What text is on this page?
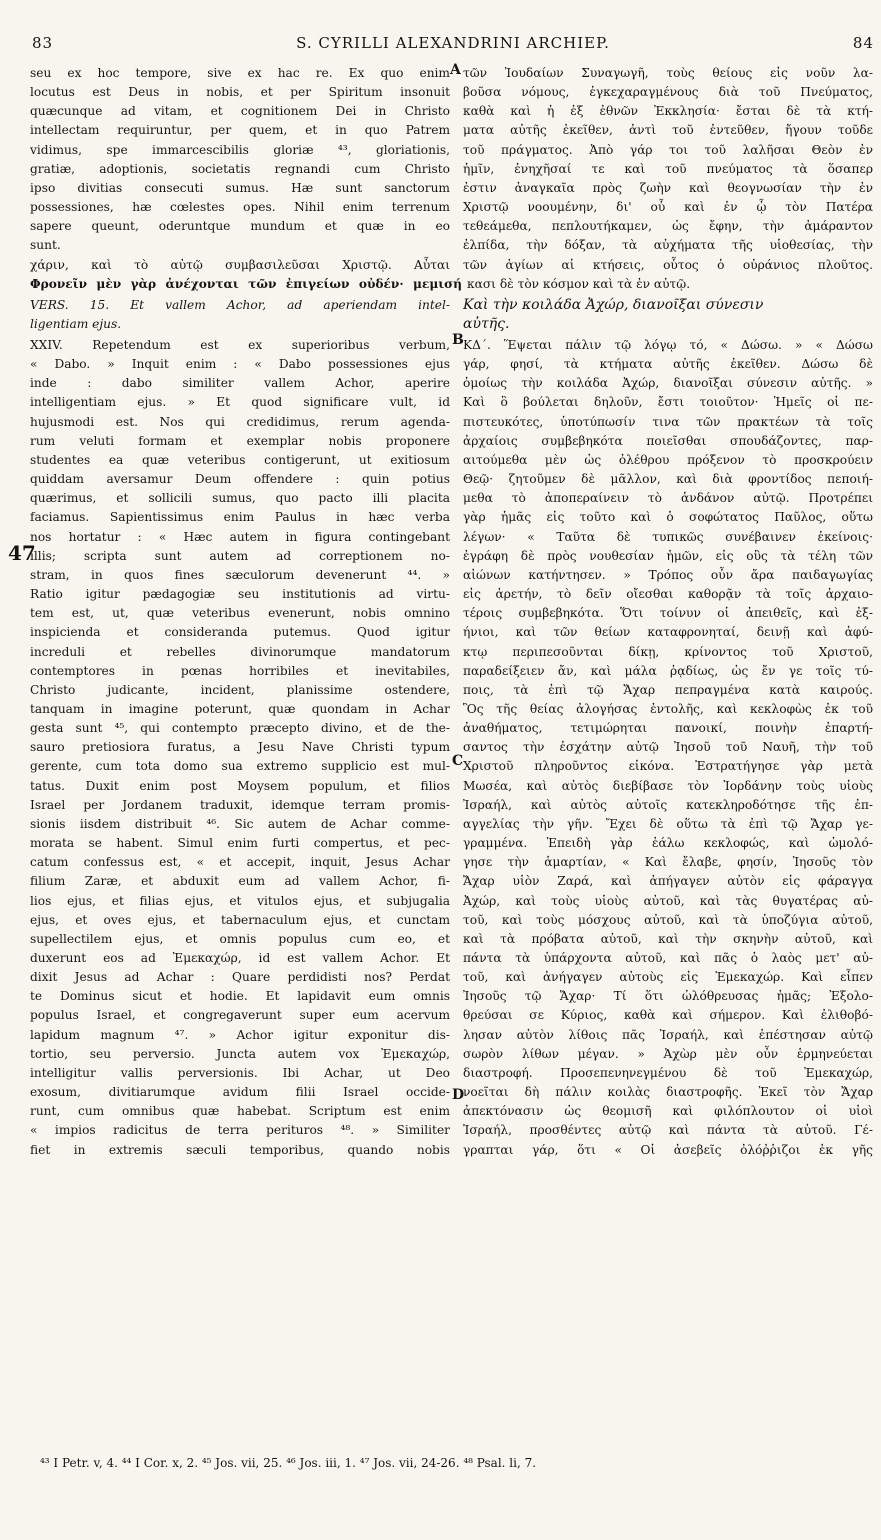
83	S. CYRILLI ALEXANDRINI ARCHIEP.	84
seu ex hoc tempore, sive ex hac re. Ex quo enim
locutus est Deus in nobis, et per Spiritum insonuit
quæcunque ad vitam, et cognitionem Dei in Christo
intellectam requiruntur, per quem, et in quo Patrem
vidimus, spe immarcescibilis gloriæ ⁴³, gloriationis,
gratiæ, adoptionis, societatis regnandi cum Christo
ipso divitias consecuti sumus. Hæ sunt sanctorum
possessiones, hæ cœlestes opes. Nihil enim terrenum
sapere queunt, oderuntque mundum et quæ in eo
sunt.
τῶν Ἰουδαίων Συναγωγῆ, τοὺς θείους εἰς νοῦν λα-
βοῦσα νόμους, ἐγκεχαραγμένους διὰ τοῦ Πνεύματος,
καθὰ καὶ ἡ ἐξ ἐθνῶν Ἐκκλησία· ἔσται δὲ τὰ κτή-
ματα αὐτῆς ἐκεῖθεν, ἀντὶ τοῦ ἐντεῦθεν, ἤγουν τοῦδε
τοῦ πράγματος. Ἀπὸ γάρ τοι τοῦ λαλῆσαι Θεὸν ἐν
ἡμῖν, ἐνηχῆσαί τε καὶ τοῦ πνεύματος τὰ ὅσαπερ
ἐστιν ἀναγκαῖα πρὸς ζωὴν καὶ θεογνωσίαν τὴν ἐν
Χριστῷ νοουμένην, δι' οὗ καὶ ἐν ᾧ τὸν Πατέρα
τεθεάμεθα, πεπλουτήκαμεν, ὡς ἔφην, τὴν ἀμάραντον
ἐλπίδα, τὴν δόξαν, τὰ αὐχήματα τῆς υἱοθεσίας, τὴν
χάριν, καὶ τὸ αὐτῷ συμβασιλεῦσαι Χριστῷ. Αὗται τῶν ἁγίων αἱ κτήσεις, οὗτος ὁ οὐράνιος πλοῦτος.
Φρονεῖν μὲν γὰρ ἀνέχονται τῶν ἐπιγείων οὐδέν· μεμισή κασι δὲ τὸν κόσμον καὶ τὰ ἐν αὐτῷ.
VERS. 15. Et vallem Achor, ad aperiendam intel-
ligentiam ejus.
Καὶ τὴν κοιλάδα Ἀχώρ, διανοῖξαι σύνεσιν
αὐτῆς.
XXIV. Repetendum est ex superioribus verbum,
« Dabo. » Inquit enim : « Dabo possessiones ejus
inde : dabo similiter vallem Achor, aperire
intelligentiam ejus. » Et quod significare vult, id
hujusmodi est. Nos qui credidimus, rerum agenda-
rum veluti formam et exemplar nobis proponere
studentes ea quæ veteribus contigerunt, ut exitiosum
quiddam aversamur Deum offendere : quin potius
quærimus, et sollicili sumus, quo pacto illi placita
faciamus. Sapientissimus enim Paulus in hæc verba
nos hortatur : « Hæc autem in figura contingebant
illis; scripta sunt autem ad correptionem no-
stram, in quos fines sæculorum devenerunt ⁴⁴. »
Ratio igitur pædagogiæ seu institutionis ad virtu-
tem est, ut, quæ veteribus evenerunt, nobis omnino
inspicienda et consideranda putemus. Quod igitur
increduli et rebelles divinorumque mandatorum
contemptores in pœnas horribiles et inevitabiles,
Christo judicante, incident, planissime ostendere,
tanquam in imagine poterunt, quæ quondam in Achar
gesta sunt ⁴⁵, qui contempto præcepto divino, et de the-
sauro pretiosiora furatus, a Jesu Nave Christi typum
gerente, cum tota domo sua extremo supplicio est mul-
tatus. Duxit enim post Moysem populum, et filios
Israel per Jordanem traduxit, idemque terram promis-
sionis iisdem distribuit ⁴⁶. Sic autem de Achar comme-
morata se habent. Simul enim furti compertus, et pec-
catum confessus est, « et accepit, inquit, Jesus Achar
filium Zaræ, et abduxit eum ad vallem Achor, fi-
lios ejus, et filias ejus, et vitulos ejus, et subjugalia
ejus, et oves ejus, et tabernaculum ejus, et cunctam
supellectilem ejus, et omnis populus cum eo, et
duxerunt eos ad Ἐμεκαχώρ, id est vallem Achor. Et
dixit Jesus ad Achar : Quare perdidisti nos? Perdat
te Dominus sicut et hodie. Et lapidavit eum omnis
populus Israel, et congregaverunt super eum acervum
lapidum magnum ⁴⁷. » Achor igitur exponitur dis-
tortio, seu perversio. Juncta autem vox Ἐμεκαχώρ,
intelligitur vallis perversionis. Ibi Achar, ut Deo
exosum, divitiarumque avidum filii Israel occide-
runt, cum omnibus quæ habebat. Scriptum est enim
« impios radicitus de terra perituros ⁴⁸. » Similiter
fiet in extremis sæculi temporibus, quando nobis
ΚΔ΄. Ἕψεται πάλιν τῷ λόγῳ τό, « Δώσω. » « Δώσω
γάρ, φησί, τὰ κτήματα αὐτῆς ἐκεῖθεν. Δώσω δὲ
ὁμοίως τὴν κοιλάδα Ἀχώρ, διανοῖξαι σύνεσιν αὐτῆς. »
Καὶ ὃ βούλεται δηλοῦν, ἔστι τοιοῦτον· Ἡμεῖς οἱ πε-
πιστευκότες, ὑποτύπωσίν τινα τῶν πρακτέων τὰ τοῖς
ἀρχαίοις συμβεβηκότα ποιεῖσθαι σπουδάζοντες, παρ-
αιτούμεθα μὲν ὡς ὀλέθρου πρόξενον τὸ προσκρούειν
Θεῷ· ζητοῦμεν δὲ μᾶλλον, καὶ διὰ φροντίδος πεποιή-
μεθα τὸ ἀποπεραίνειν τὸ ἁνδάνον αὐτῷ. Προτρέπει
γὰρ ἡμᾶς εἰς τοῦτο καὶ ὁ σοφώτατος Παῦλος, οὕτω
λέγων· « Ταῦτα δὲ τυπικῶς συνέβαινεν ἐκείνοις·
ἐγράφη δὲ πρὸς νουθεσίαν ἡμῶν, εἰς οὓς τὰ τέλη τῶν
αἰώνων κατήντησεν. » Τρόπος οὖν ἄρα παιδαγωγίας
εἰς ἀρετήν, τὸ δεῖν οἴεσθαι καθορᾷν τὰ τοῖς ἀρχαιο-
τέροις συμβεβηκότα. Ὅτι τοίνυν οἱ ἀπειθεῖς, καὶ ἐξ-
ήνιοι, καὶ τῶν θείων καταφρονηταί, δεινῇ καὶ ἀφύ-
κτῳ περιπεσοῦνται δίκῃ, κρίνοντος τοῦ Χριστοῦ,
παραδείξειεν ἄν, καὶ μάλα ῥᾳδίως, ὡς ἔν γε τοῖς τύ-
ποις, τὰ ἐπὶ τῷ Ἄχαρ πεπραγμένα κατὰ καιρούς.
Ὃς τῆς θείας ἀλογήσας ἐντολῆς, καὶ κεκλοφὼς ἐκ τοῦ
ἀναθήματος, τετιμώρηται πανοικί, ποινὴν ἐπαρτή-
σαντος τὴν ἐσχάτην αὐτῷ Ἰησοῦ τοῦ Ναυῆ, τὴν τοῦ
Χριστοῦ πληροῦντος εἰκόνα. Ἐστρατήγησε γὰρ μετὰ
Μωσέα, καὶ αὐτὸς διεβίβασε τὸν Ἰορδάνην τοὺς υἱοὺς
Ἰσραήλ, καὶ αὐτὸς αὐτοῖς κατεκληροδότησε τῆς ἐπ-
αγγελίας τὴν γῆν. Ἔχει δὲ οὕτω τὰ ἐπὶ τῷ Ἄχαρ γε-
γραμμένα. Ἐπειδὴ γὰρ ἑάλω κεκλοφώς, καὶ ὡμολό-
γησε τὴν ἁμαρτίαν, « Καὶ ἔλαβε, φησίν, Ἰησοῦς τὸν
Ἄχαρ υἱὸν Ζαρά, καὶ ἀπήγαγεν αὐτὸν εἰς φάραγγα
Ἀχώρ, καὶ τοὺς υἱοὺς αὐτοῦ, καὶ τὰς θυγατέρας αὐ-
τοῦ, καὶ τοὺς μόσχους αὐτοῦ, καὶ τὰ ὑποζύγια αὐτοῦ,
καὶ τὰ πρόβατα αὐτοῦ, καὶ τὴν σκηνὴν αὐτοῦ, καὶ
πάντα τὰ ὑπάρχοντα αὐτοῦ, καὶ πᾶς ὁ λαὸς μετ' αὐ-
τοῦ, καὶ ἀνήγαγεν αὐτοὺς εἰς Ἐμεκαχώρ. Καὶ εἶπεν
Ἰησοῦς τῷ Ἄχαρ· Τί ὅτι ὠλόθρευσας ἡμᾶς; Ἐξολο-
θρεύσαι σε Κύριος, καθὰ καὶ σήμερον. Καὶ ἐλιθοβό-
λησαν αὐτὸν λίθοις πᾶς Ἰσραήλ, καὶ ἐπέστησαν αὐτῷ
σωρὸν λίθων μέγαν. » Ἀχὼρ μὲν οὖν ἑρμηνεύεται
διαστροφή. Προσεπενηνεγμένου δὲ τοῦ Ἐμεκαχώρ,
νοεῖται δὴ πάλιν κοιλὰς διαστροφῆς. Ἐκεῖ τὸν Ἄχαρ
ἀπεκτόνασιν ὡς θεομισῆ καὶ φιλόπλουτον οἱ υἱοὶ
Ἰσραήλ, προσθέντες αὐτῷ καὶ πάντα τὰ αὐτοῦ. Γέ-
γραπται γάρ, ὅτι « Οἱ ἀσεβεῖς ὀλόῤῥιζοι ἐκ γῆς
A
B
C
D
47
⁴³ I Petr. v, 4. ⁴⁴ I Cor. x, 2. ⁴⁵ Jos. vii, 25. ⁴⁶ Jos. iii, 1. ⁴⁷ Jos. vii, 24-26. ⁴⁸ Psal. li, 7.
